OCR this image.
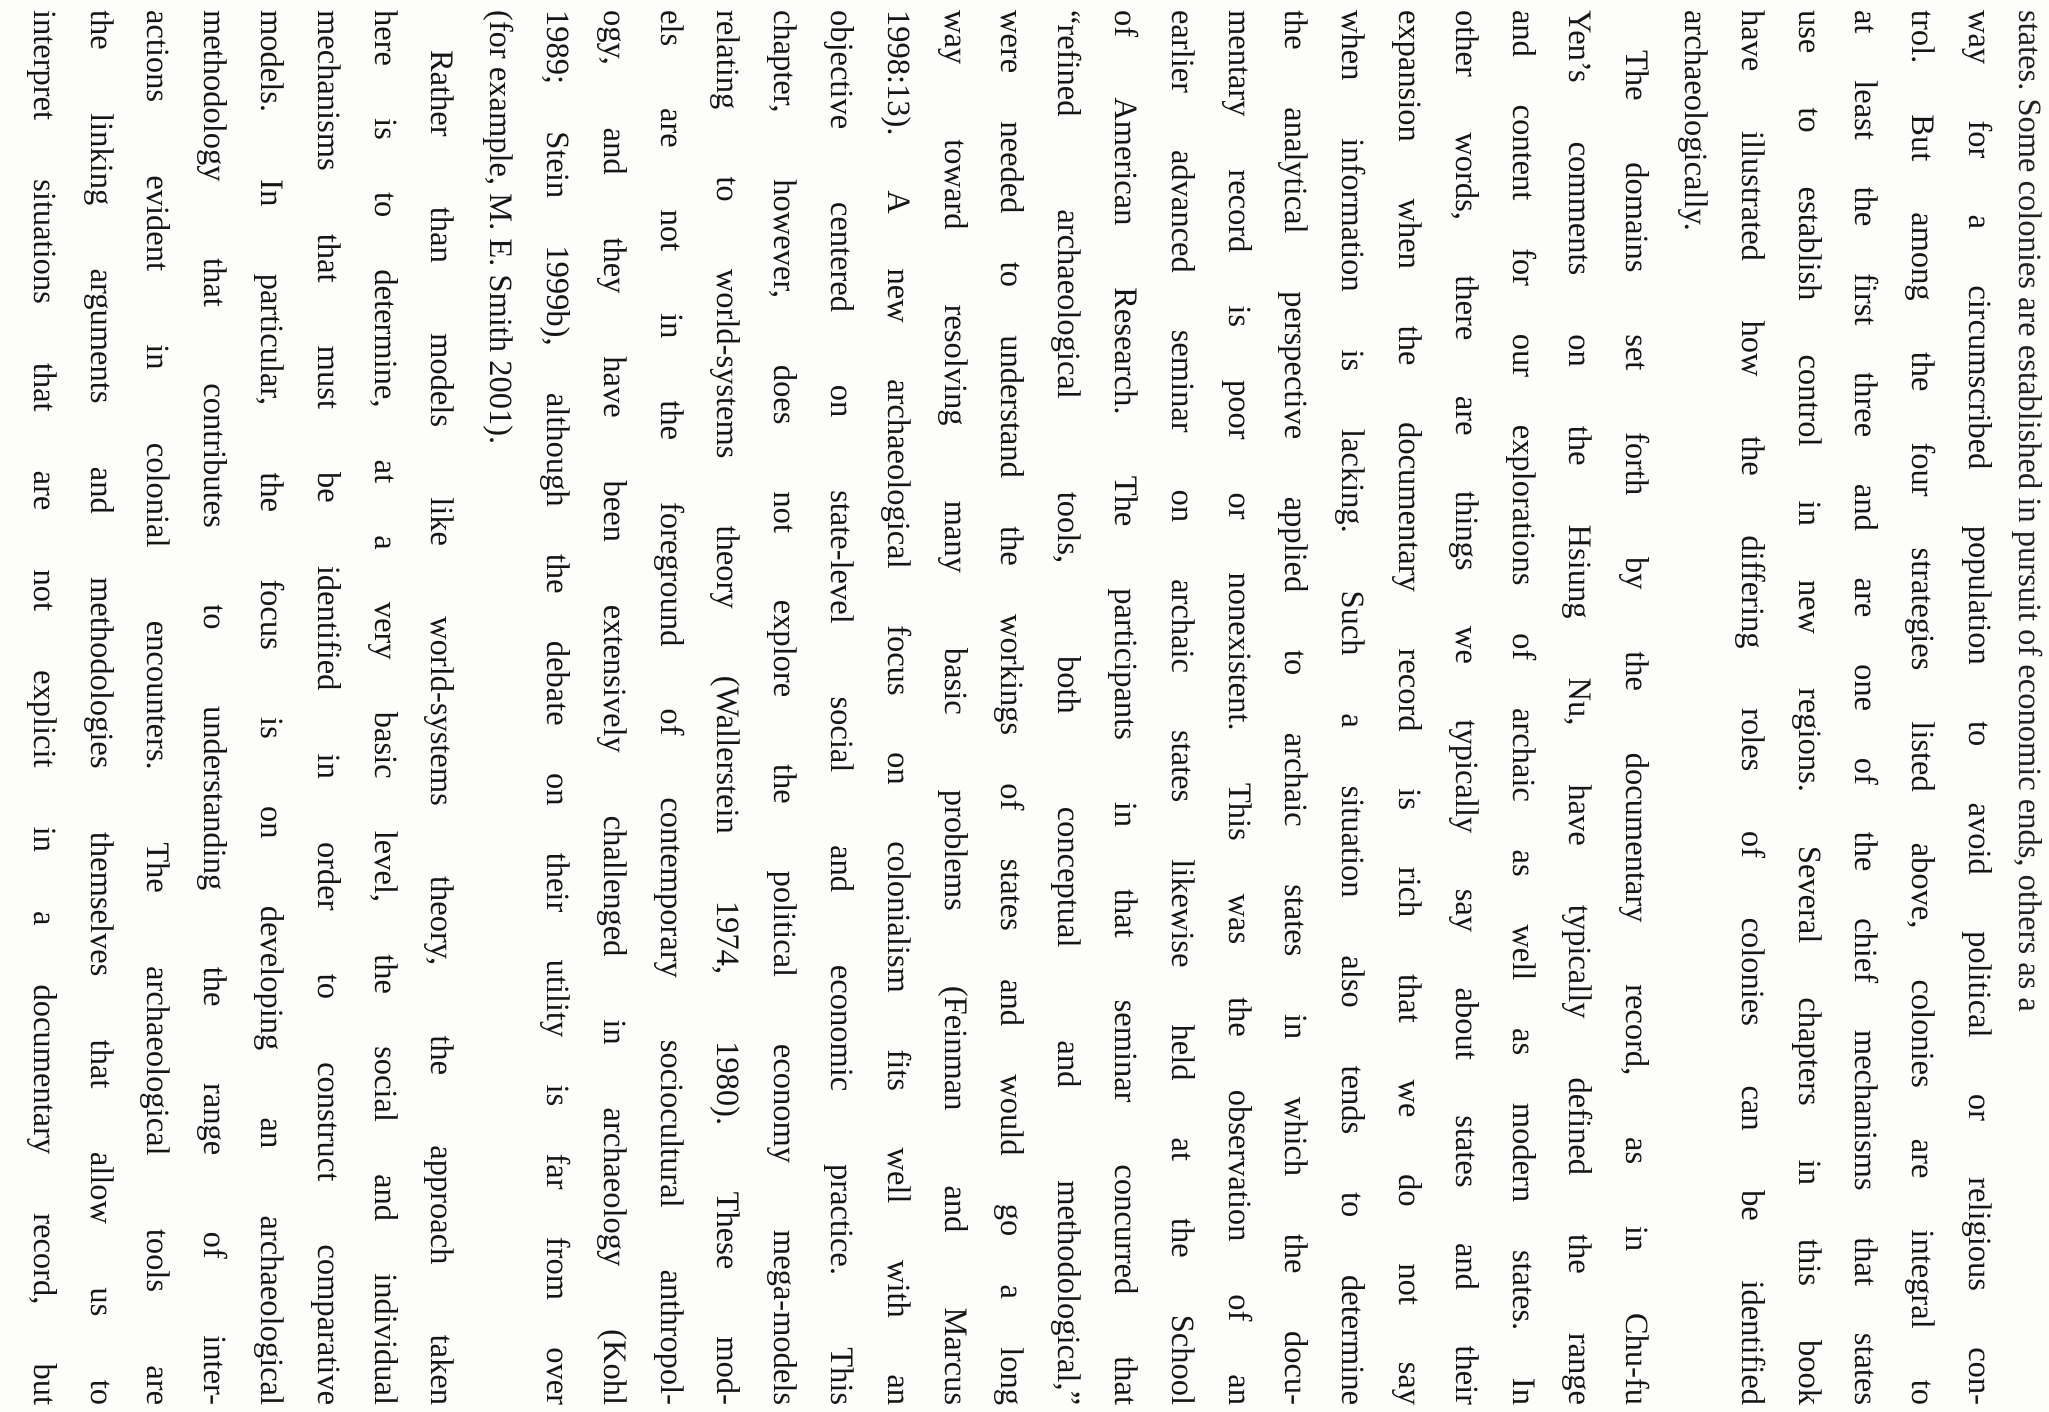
states. Some colonies are established in pursuit of economic ends, others as a
way for a circumscribed population to avoid political or religious con-
trol. But among the four strategies listed above, colonies are integral to
at least the first three and are one of the chief mechanisms that states
use to establish control in new regions. Several chapters in this book
have illustrated how the differing roles of colonies can be identified
archaeologically.
The domains set forth by the documentary record, as in Chu-fu
Yen’s comments on the Hsiung Nu, have typically defined the range
and content for our explorations of archaic as well as modern states. In
other words, there are things we typically say about states and their
expansion when the documentary record is rich that we do not say
when information is lacking. Such a situation also tends to determine
the analytical perspective applied to archaic states in which the docu-
mentary record is poor or nonexistent. This was the observation of an
earlier advanced seminar on archaic states likewise held at the School
of American Research. The participants in that seminar concurred that
“refined archaeological tools, both conceptual and methodological,”
were needed to understand the workings of states and would go a long
way toward resolving many basic problems (Feinman and Marcus
1998:13). A new archaeological focus on colonialism fits well with an
objective centered on state-level social and economic practice. This
chapter, however, does not explore the political economy mega-models
relating to world-systems theory (Wallerstein 1974, 1980). These mod-
els are not in the foreground of contemporary sociocultural anthropol-
ogy, and they have been extensively challenged in archaeology (Kohl
1989; Stein 1999b), although the debate on their utility is far from over
(for example, M. E. Smith 2001).
Rather than models like world-systems theory, the approach taken
here is to determine, at a very basic level, the social and individual
mechanisms that must be identified in order to construct comparative
models. In particular, the focus is on developing an archaeological
methodology that contributes to understanding the range of inter-
actions evident in colonial encounters. The archaeological tools are
the linking arguments and methodologies themselves that allow us to
interpret situations that are not explicit in a documentary record, but
